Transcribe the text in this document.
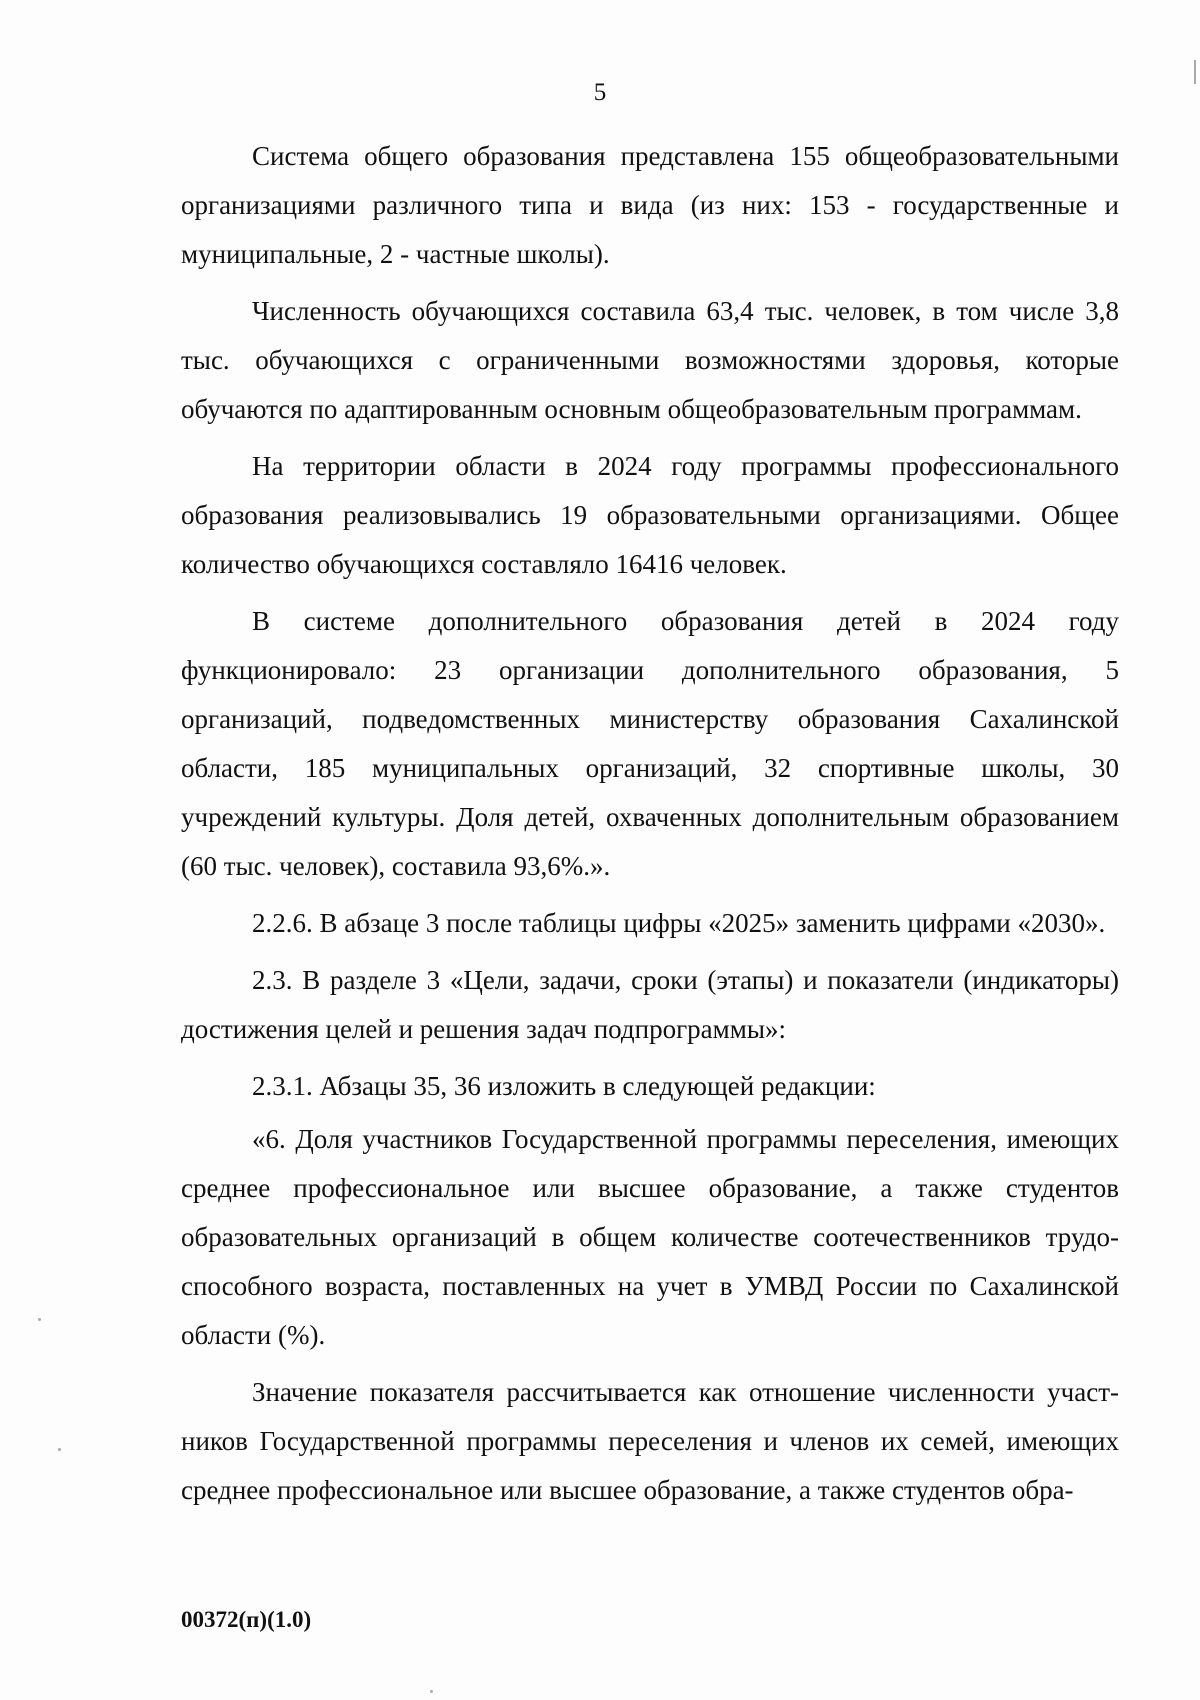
5

Система общего образования представлена 155 общеобразовательными организациями различного типа и вида (из них: 153 - государственные и муниципальные, 2 - частные школы).

Численность обучающихся составила 63,4 тыс. человек, в том числе 3,8 тыс. обучающихся с ограниченными возможностями здоровья, которые обучаются по адаптированным основным общеобразовательным программам.

На территории области в 2024 году программы профессионального образования реализовывались 19 образовательными организациями. Общее количество обучающихся составляло 16416 человек.

В системе дополнительного образования детей в 2024 году функционировало: 23 организации дополнительного образования, 5 организаций, подведомственных министерству образования Сахалинской области, 185 муниципальных организаций, 32 спортивные школы, 30 учреждений культуры. Доля детей, охваченных дополнительным образованием (60 тыс. человек), составила 93,6%.».

2.2.6. В абзаце 3 после таблицы цифры «2025» заменить цифрами «2030».

2.3. В разделе 3 «Цели, задачи, сроки (этапы) и показатели (индикаторы) достижения целей и решения задач подпрограммы»:

2.3.1. Абзацы 35, 36 изложить в следующей редакции:

«6. Доля участников Государственной программы переселения, имеющих среднее профессиональное или высшее образование, а также студентов образовательных организаций в общем количестве соотечественников трудоспособного возраста, поставленных на учет в УМВД России по Сахалинской области (%).

Значение показателя рассчитывается как отношение численности участников Государственной программы переселения и членов их семей, имеющих среднее профессиональное или высшее образование, а также студентов обра-

00372(п)(1.0)
